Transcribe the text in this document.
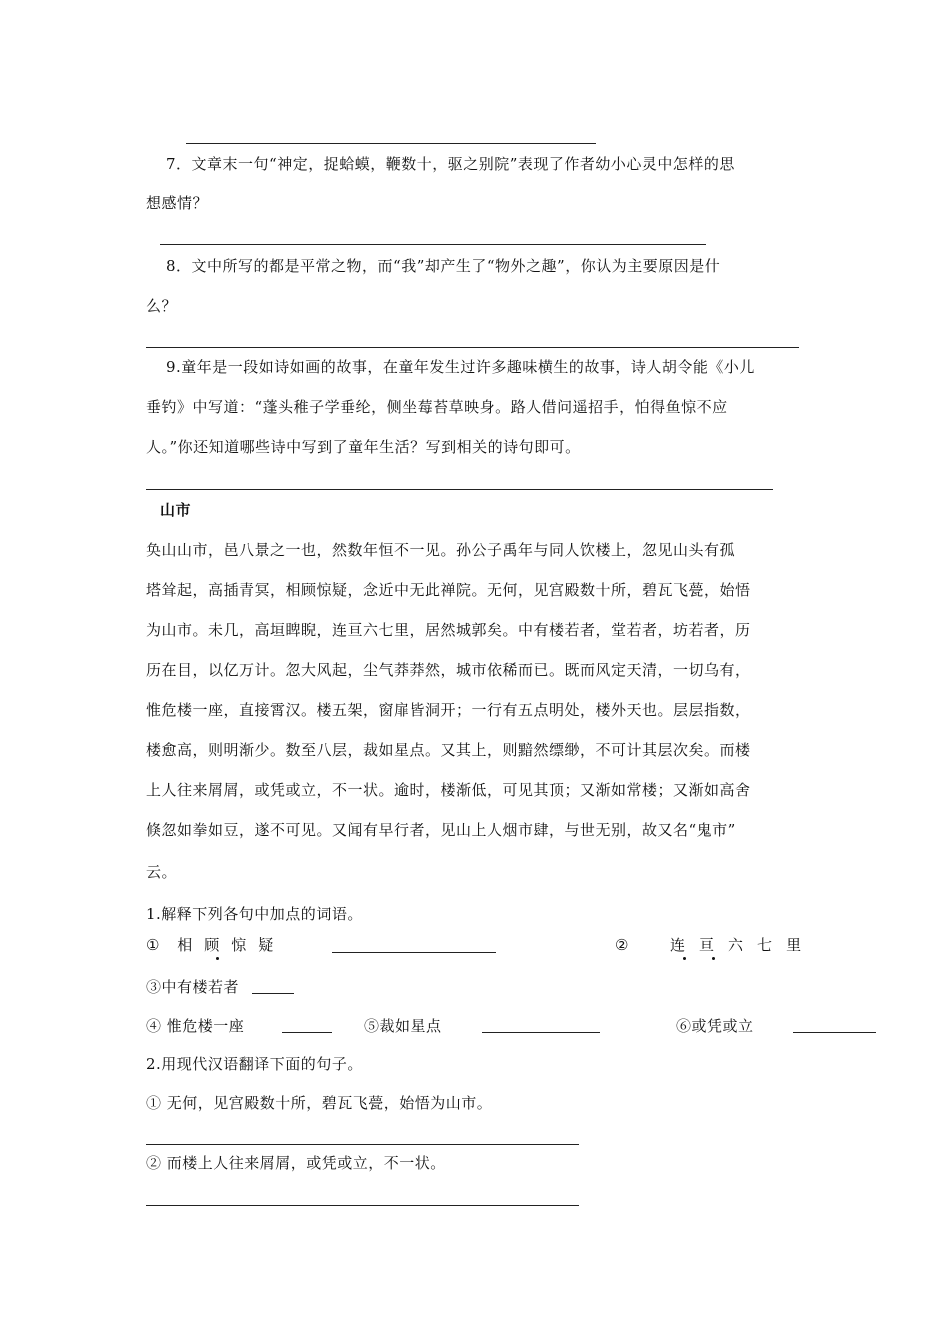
7．文章末一句“神定，捉蛤蟆，鞭数十，驱之别院”表现了作者幼小心灵中怎样的思
想感情？
8．文中所写的都是平常之物，而“我”却产生了“物外之趣”，你认为主要原因是什
么？
9.童年是一段如诗如画的故事，在童年发生过许多趣味横生的故事，诗人胡令能《小儿
垂钓》中写道：“蓬头稚子学垂纶，侧坐莓苔草映身。路人借问遥招手，怕得鱼惊不应
人。”你还知道哪些诗中写到了童年生活？写到相关的诗句即可。
山市
奂山山市，邑八景之一也，然数年恒不一见。孙公子禹年与同人饮楼上，忽见山头有孤
塔耸起，高插青冥，相顾惊疑，念近中无此禅院。无何，见宫殿数十所，碧瓦飞甍，始悟
为山市。未几，高垣睥睨，连亘六七里，居然城郭矣。中有楼若者，堂若者，坊若者，历
历在目，以亿万计。忽大风起，尘气莽莽然，城市依稀而已。既而风定天清，一切乌有，
惟危楼一座，直接霄汉。楼五架，窗扉皆洞开；一行有五点明处，楼外天也。层层指数，
楼愈高，则明渐少。数至八层，裁如星点。又其上，则黯然缥缈，不可计其层次矣。而楼
上人往来屑屑，或凭或立，不一状。逾时，楼渐低，可见其顶；又渐如常楼；又渐如高舍
倏忽如拳如豆，遂不可见。又闻有早行者，见山上人烟市肆，与世无别，故又名“鬼市”
云。
1.解释下列各句中加点的词语。
① 相顾惊疑	②	连亘六七里
③中有楼若者
④ 惟危楼一座	⑤裁如星点	⑥或凭或立
2.用现代汉语翻译下面的句子。
① 无何，见宫殿数十所，碧瓦飞甍，始悟为山市。
② 而楼上人往来屑屑，或凭或立，不一状。
